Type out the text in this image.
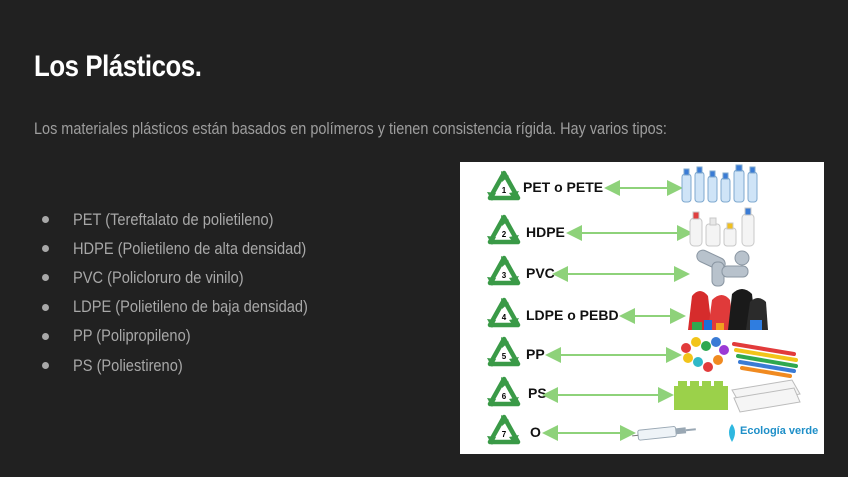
Los Plásticos.
Los materiales plásticos están basados en polímeros y tienen consistencia rígida. Hay varios tipos:
PET (Tereftalato de polietileno)
HDPE (Polietileno de alta densidad)
PVC (Policloruro de vinilo)
LDPE (Polietileno de baja densidad)
PP (Polipropileno)
PS (Poliestireno)
1 PET o PETE
2 HDPE
3 PVC
4 LDPE o PEBD
5 PP
6 PS
7 O	Ecología verde
